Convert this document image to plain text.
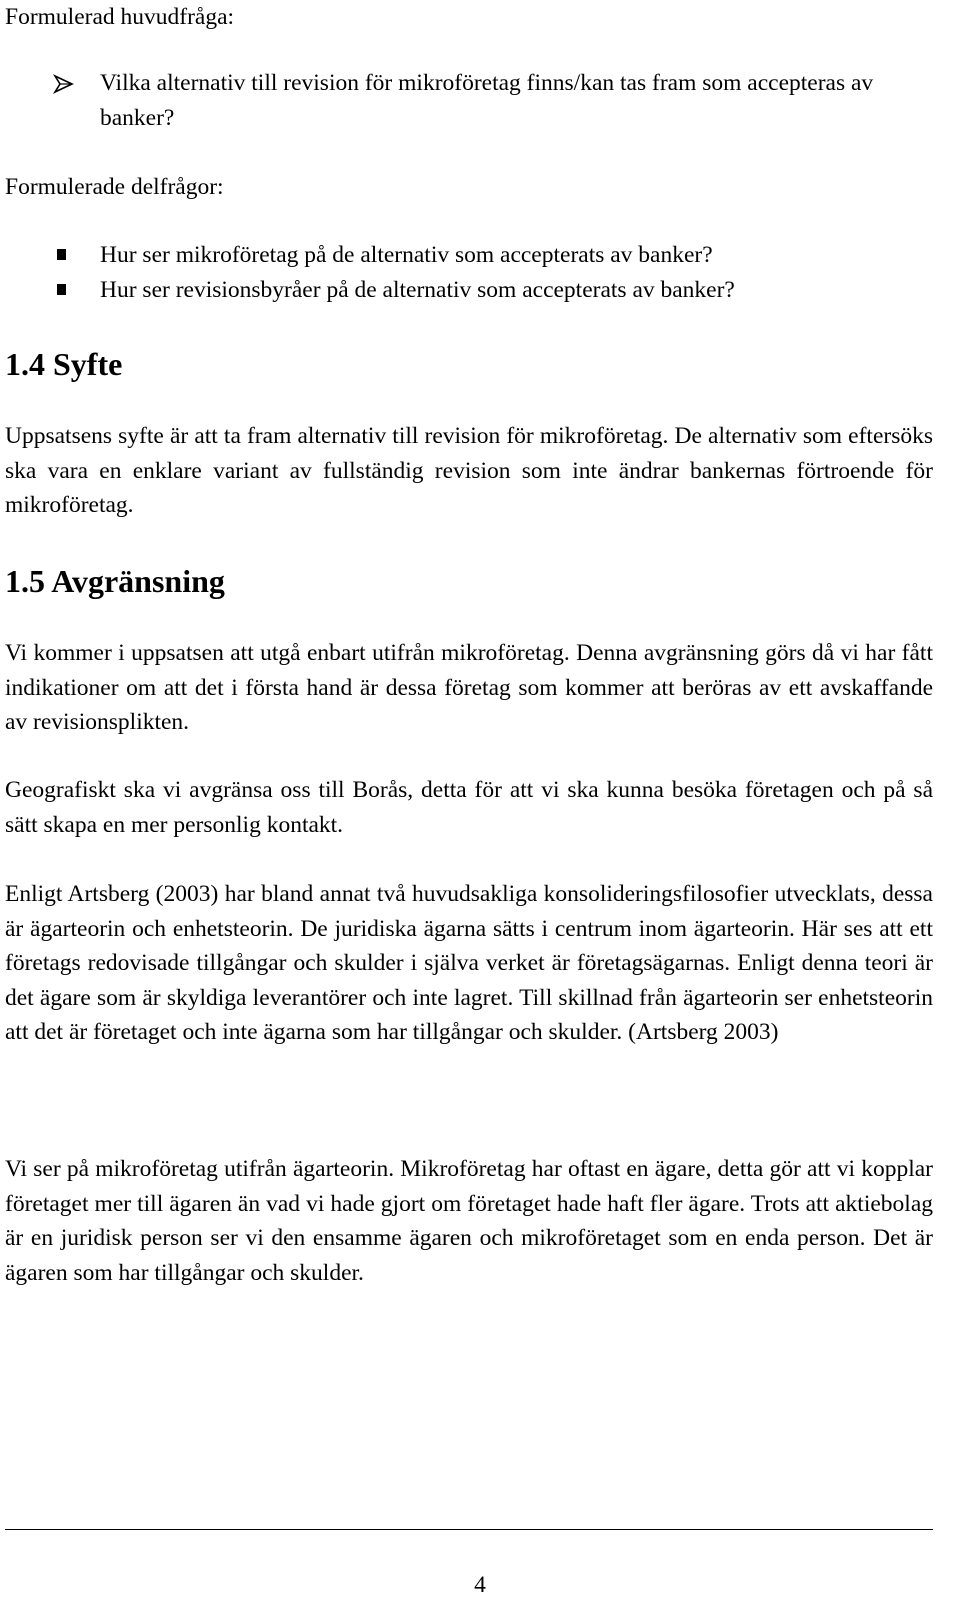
Formulerad huvudfråga:

Vilka alternativ till revision för mikroföretag finns/kan tas fram som accepteras av banker?

Formulerade delfrågor:

Hur ser mikroföretag på de alternativ som accepterats av banker?
Hur ser revisionsbyråer på de alternativ som accepterats av banker?
1.4 Syfte

Uppsatsens syfte är att ta fram alternativ till revision för mikroföretag. De alternativ som eftersöks ska vara en enklare variant av fullständig revision som inte ändrar bankernas förtroende för mikroföretag.

1.5 Avgränsning

Vi kommer i uppsatsen att utgå enbart utifrån mikroföretag. Denna avgränsning görs då vi har fått indikationer om att det i första hand är dessa företag som kommer att beröras av ett avskaffande av revisionsplikten.

Geografiskt ska vi avgränsa oss till Borås, detta för att vi ska kunna besöka företagen och på så sätt skapa en mer personlig kontakt.

Enligt Artsberg (2003) har bland annat två huvudsakliga konsolideringsfilosofier utvecklats, dessa är ägarteorin och enhetsteorin. De juridiska ägarna sätts i centrum inom ägarteorin. Här ses att ett företags redovisade tillgångar och skulder i själva verket är företagsägarnas. Enligt denna teori är det ägare som är skyldiga leverantörer och inte lagret. Till skillnad från ägarteorin ser enhetsteorin att det är företaget och inte ägarna som har tillgångar och skulder. (Artsberg 2003)

Vi ser på mikroföretag utifrån ägarteorin. Mikroföretag har oftast en ägare, detta gör att vi kopplar företaget mer till ägaren än vad vi hade gjort om företaget hade haft fler ägare. Trots att aktiebolag är en juridisk person ser vi den ensamme ägaren och mikroföretaget som en enda person. Det är ägaren som har tillgångar och skulder.

4
